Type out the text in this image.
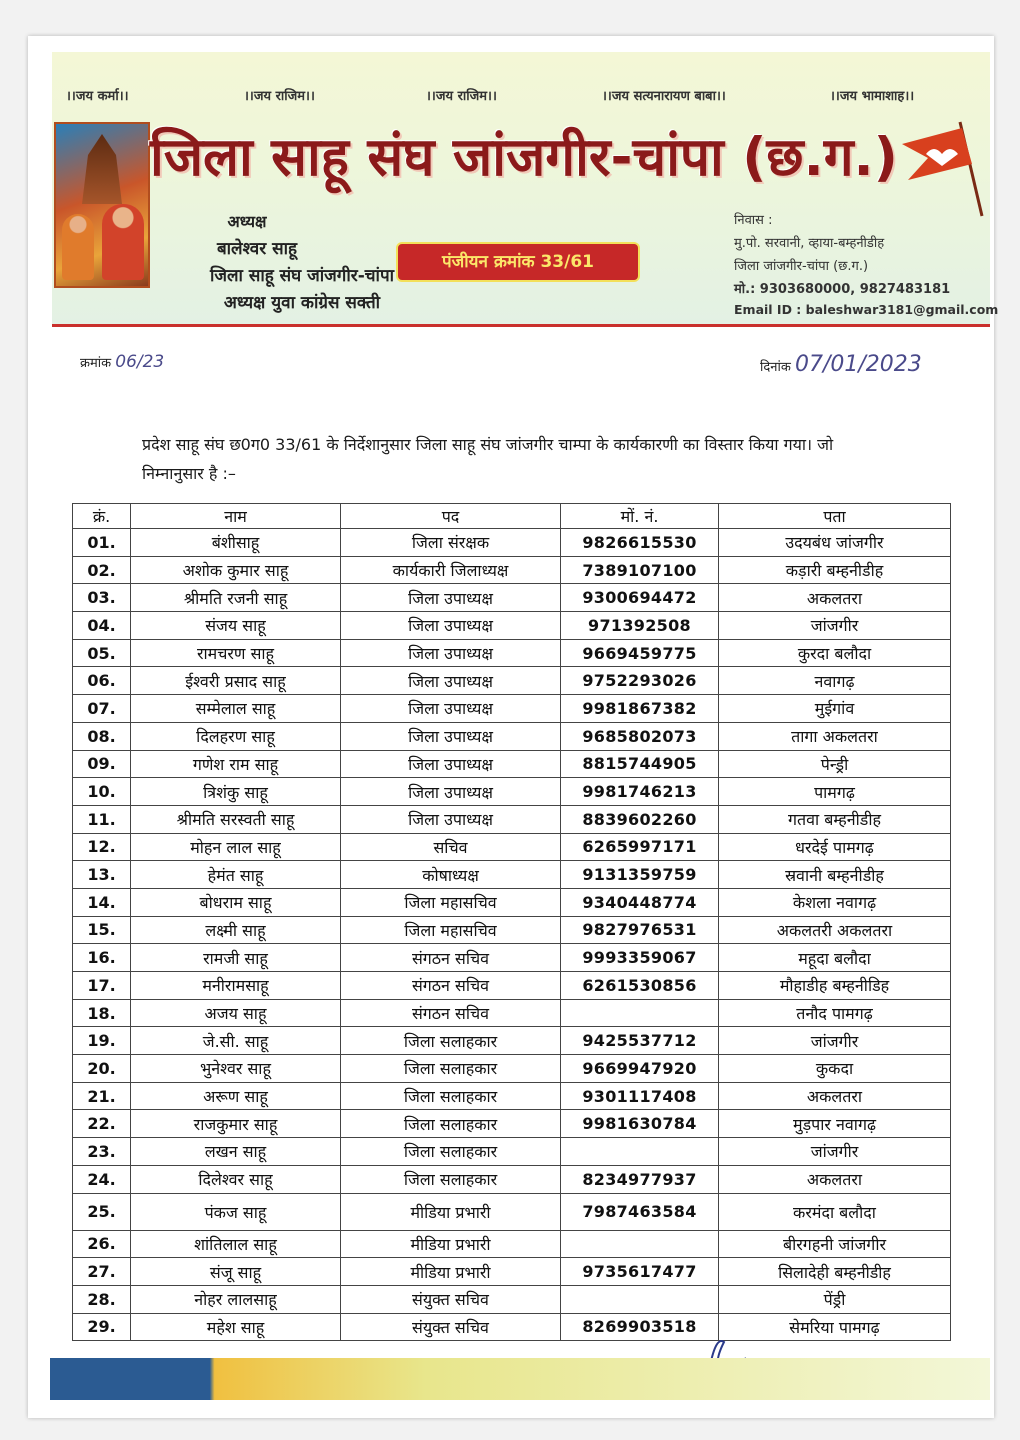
।।जय कर्मा।।	।।जय राजिम।।	।।जय राजिम।।	।।जय सत्यनारायण बाबा।।	।।जय भामाशाह।।
जिला साहू संघ जांजगीर-चांपा (छ.ग.)
अध्यक्ष
बालेश्वर साहू
जिला साहू संघ जांजगीर-चांपा
अध्यक्ष युवा कांग्रेस सक्ती
पंजीयन क्रमांक 33/61
निवास :
मु.पो. सरवानी, व्हाया-बम्हनीडीह
जिला जांजगीर-चांपा (छ.ग.)
मो.: 9303680000, 9827483181
Email ID : baleshwar3181@gmail.com
क्रमांक 06/23	दिनांक 07/01/2023
प्रदेश साहू संघ छ0ग0 33/61 के निर्देशानुसार जिला साहू संघ जांजगीर चाम्पा के कार्यकारणी का विस्तार किया गया। जो निम्नानुसार है :–
क्रं.	नाम	पद	मों. नं.	पता
01.	बंशीसाहू	जिला संरक्षक	9826615530	उदयबंध जांजगीर
02.	अशोक कुमार साहू	कार्यकारी जिलाध्यक्ष	7389107100	कड़ारी बम्हनीडीह
03.	श्रीमति रजनी साहू	जिला उपाध्यक्ष	9300694472	अकलतरा
04.	संजय साहू	जिला उपाध्यक्ष	971392508	जांजगीर
05.	रामचरण साहू	जिला उपाध्यक्ष	9669459775	कुरदा बलौदा
06.	ईश्वरी प्रसाद साहू	जिला उपाध्यक्ष	9752293026	नवागढ़
07.	सम्मेलाल साहू	जिला उपाध्यक्ष	9981867382	मुईगांव
08.	दिलहरण साहू	जिला उपाध्यक्ष	9685802073	तागा अकलतरा
09.	गणेश राम साहू	जिला उपाध्यक्ष	8815744905	पेन्ड्री
10.	त्रिशंकु साहू	जिला उपाध्यक्ष	9981746213	पामगढ़
11.	श्रीमति सरस्वती साहू	जिला उपाध्यक्ष	8839602260	गतवा बम्हनीडीह
12.	मोहन लाल साहू	सचिव	6265997171	धरदेई पामगढ़
13.	हेमंत साहू	कोषाध्यक्ष	9131359759	स्रवानी बम्हनीडीह
14.	बोधराम साहू	जिला महासचिव	9340448774	केशला नवागढ़
15.	लक्ष्मी साहू	जिला महासचिव	9827976531	अकलतरी अकलतरा
16.	रामजी साहू	संगठन सचिव	9993359067	महूदा बलौदा
17.	मनीरामसाहू	संगठन सचिव	6261530856	मौहाडीह बम्हनीडिह
18.	अजय साहू	संगठन सचिव		तनौद पामगढ़
19.	जे.सी. साहू	जिला सलाहकार	9425537712	जांजगीर
20.	भुनेश्वर साहू	जिला सलाहकार	9669947920	कुकदा
21.	अरूण साहू	जिला सलाहकार	9301117408	अकलतरा
22.	राजकुमार साहू	जिला सलाहकार	9981630784	मुड़पार नवागढ़
23.	लखन साहू	जिला सलाहकार		जांजगीर
24.	दिलेश्वर साहू	जिला सलाहकार	8234977937	अकलतरा
25.	पंकज साहू	मीडिया प्रभारी	7987463584	करमंदा बलौदा
26.	शांतिलाल साहू	मीडिया प्रभारी		बीरगहनी जांजगीर
27.	संजू साहू	मीडिया प्रभारी	9735617477	सिलादेही बम्हनीडीह
28.	नोहर लालसाहू	संयुक्त सचिव		पेंड्री
29.	महेश साहू	संयुक्त सचिव	8269903518	सेमरिया पामगढ़
